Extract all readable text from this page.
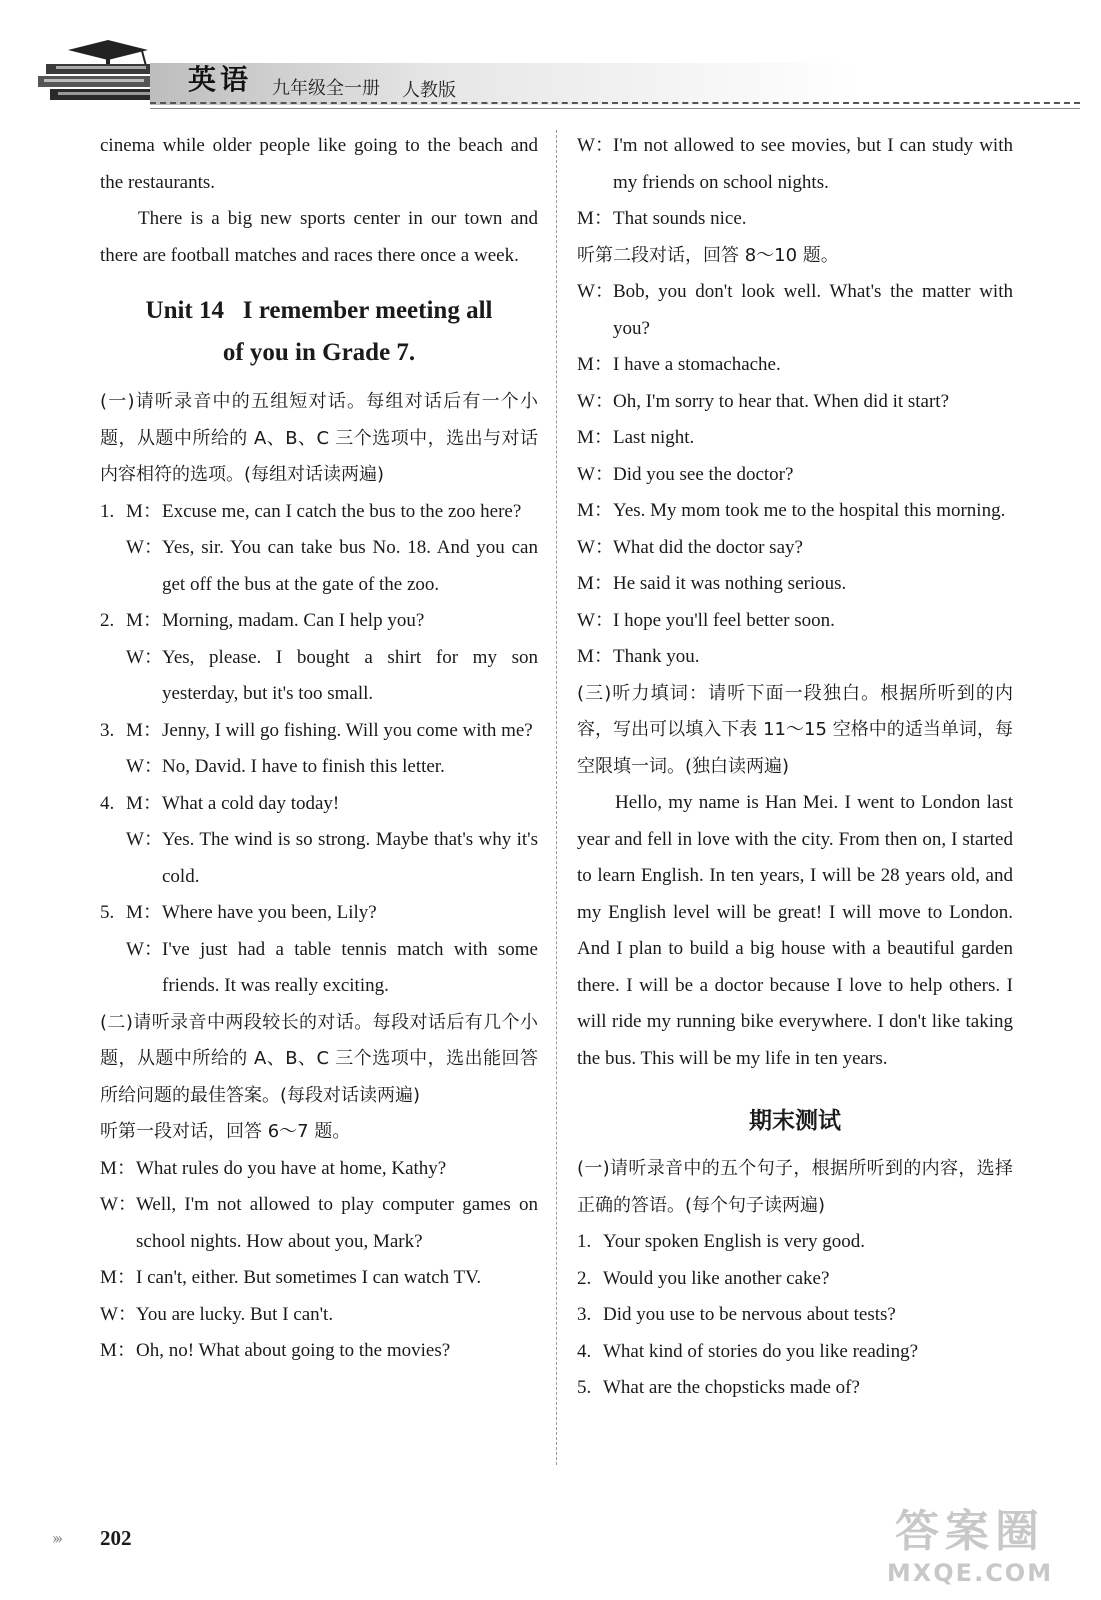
英语 九年级全一册 人教版

cinema while older people like going to the beach and the restaurants.

There is a big new sports center in our town and there are football matches and races there once a week.

Unit 14   I remember meeting all
of you in Grade 7.

(一)请听录音中的五组短对话。每组对话后有一个小题，从题中所给的 A、B、C 三个选项中，选出与对话内容相符的选项。(每组对话读两遍)

1. M： Excuse me, can I catch the bus to the zoo here?
W： Yes, sir. You can take bus No. 18. And you can get off the bus at the gate of the zoo.
2. M： Morning, madam. Can I help you?
W： Yes, please. I bought a shirt for my son yesterday, but it's too small.
3. M： Jenny, I will go fishing. Will you come with me?
W： No, David. I have to finish this letter.
4. M： What a cold day today!
W： Yes. The wind is so strong. Maybe that's why it's cold.
5. M： Where have you been, Lily?
W： I've just had a table tennis match with some friends. It was really exciting.

(二)请听录音中两段较长的对话。每段对话后有几个小题，从题中所给的 A、B、C 三个选项中，选出能回答所给问题的最佳答案。(每段对话读两遍)

听第一段对话，回答 6～7 题。

M： What rules do you have at home, Kathy?
W： Well, I'm not allowed to play computer games on school nights. How about you, Mark?
M： I can't, either. But sometimes I can watch TV.
W： You are lucky. But I can't.
M： Oh, no! What about going to the movies?
W： I'm not allowed to see movies, but I can study with my friends on school nights.
M： That sounds nice.

听第二段对话，回答 8～10 题。

W： Bob, you don't look well. What's the matter with you?
M： I have a stomachache.
W： Oh, I'm sorry to hear that. When did it start?
M： Last night.
W： Did you see the doctor?
M： Yes. My mom took me to the hospital this morning.
W： What did the doctor say?
M： He said it was nothing serious.
W： I hope you'll feel better soon.
M： Thank you.

(三)听力填词：请听下面一段独白。根据所听到的内容，写出可以填入下表 11～15 空格中的适当单词，每空限填一词。(独白读两遍)

Hello, my name is Han Mei. I went to London last year and fell in love with the city. From then on, I started to learn English. In ten years, I will be 28 years old, and my English level will be great! I will move to London. And I plan to build a big house with a beautiful garden there. I will be a doctor because I love to help others. I will ride my running bike everywhere. I don't like taking the bus. This will be my life in ten years.

期末测试

(一)请听录音中的五个句子，根据所听到的内容，选择正确的答语。(每个句子读两遍)

1. Your spoken English is very good.
2. Would you like another cake?
3. Did you use to be nervous about tests?
4. What kind of stories do you like reading?
5. What are the chopsticks made of?
››› 202	答案圈
MXQE.COM
